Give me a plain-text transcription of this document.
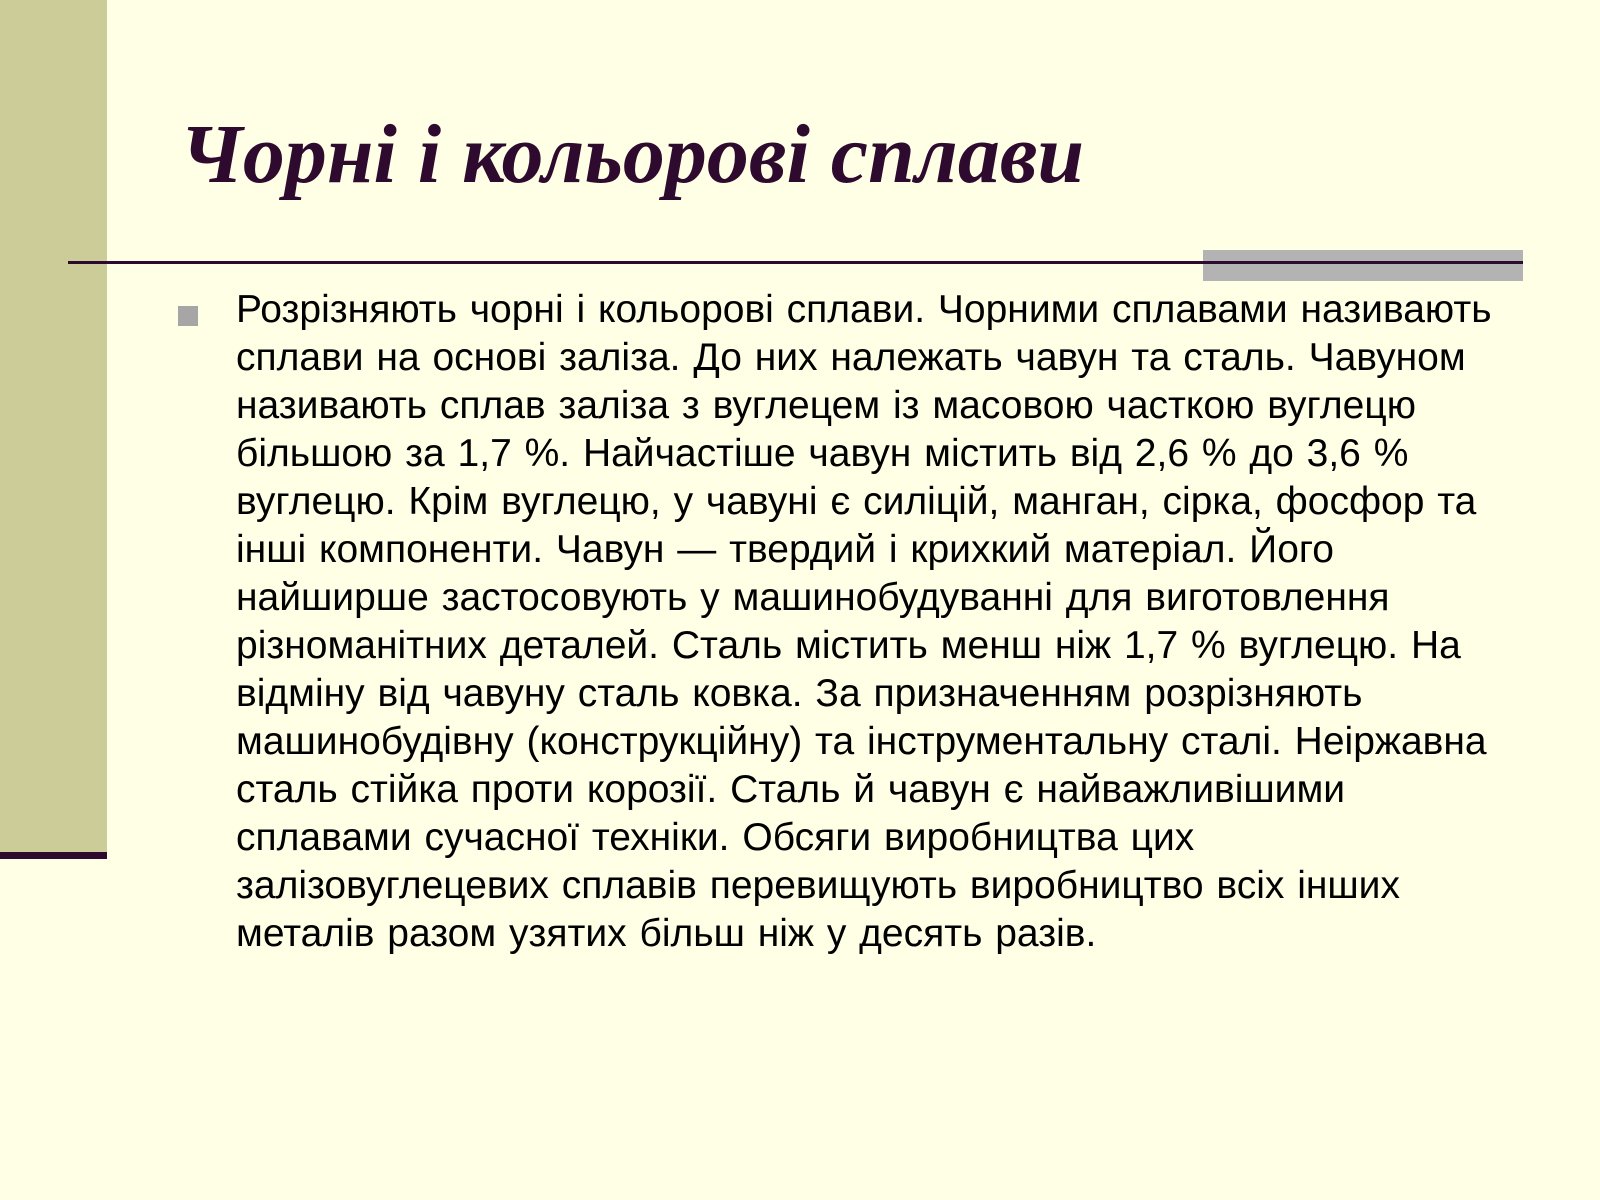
Чорні і кольорові сплави

Розрізняють чорні і кольорові сплави. Чорними сплавами називають сплави на основі заліза. До них належать чавун та сталь. Чавуном називають сплав заліза з вуглецем із масовою часткою вуглецю більшою за 1,7 %. Найчастіше чавун містить від 2,6 % до 3,6 % вуглецю. Крім вуглецю, у чавуні є силіцій, манган, сірка, фосфор та інші компоненти. Чавун — твердий і крихкий матеріал. Його найширше застосовують у машинобудуванні для виготовлення різноманітних деталей. Сталь містить менш ніж 1,7 % вуглецю. На відміну від чавуну сталь ковка. За призначенням розрізняють машинобудівну (конструкційну) та інструментальну сталі. Неіржавна сталь стійка проти корозії. Сталь й чавун є найважливішими сплавами сучасної техніки. Обсяги виробництва цих залізовуглецевих сплавів перевищують виробництво всіх інших металів разом узятих більш ніж у десять разів.
